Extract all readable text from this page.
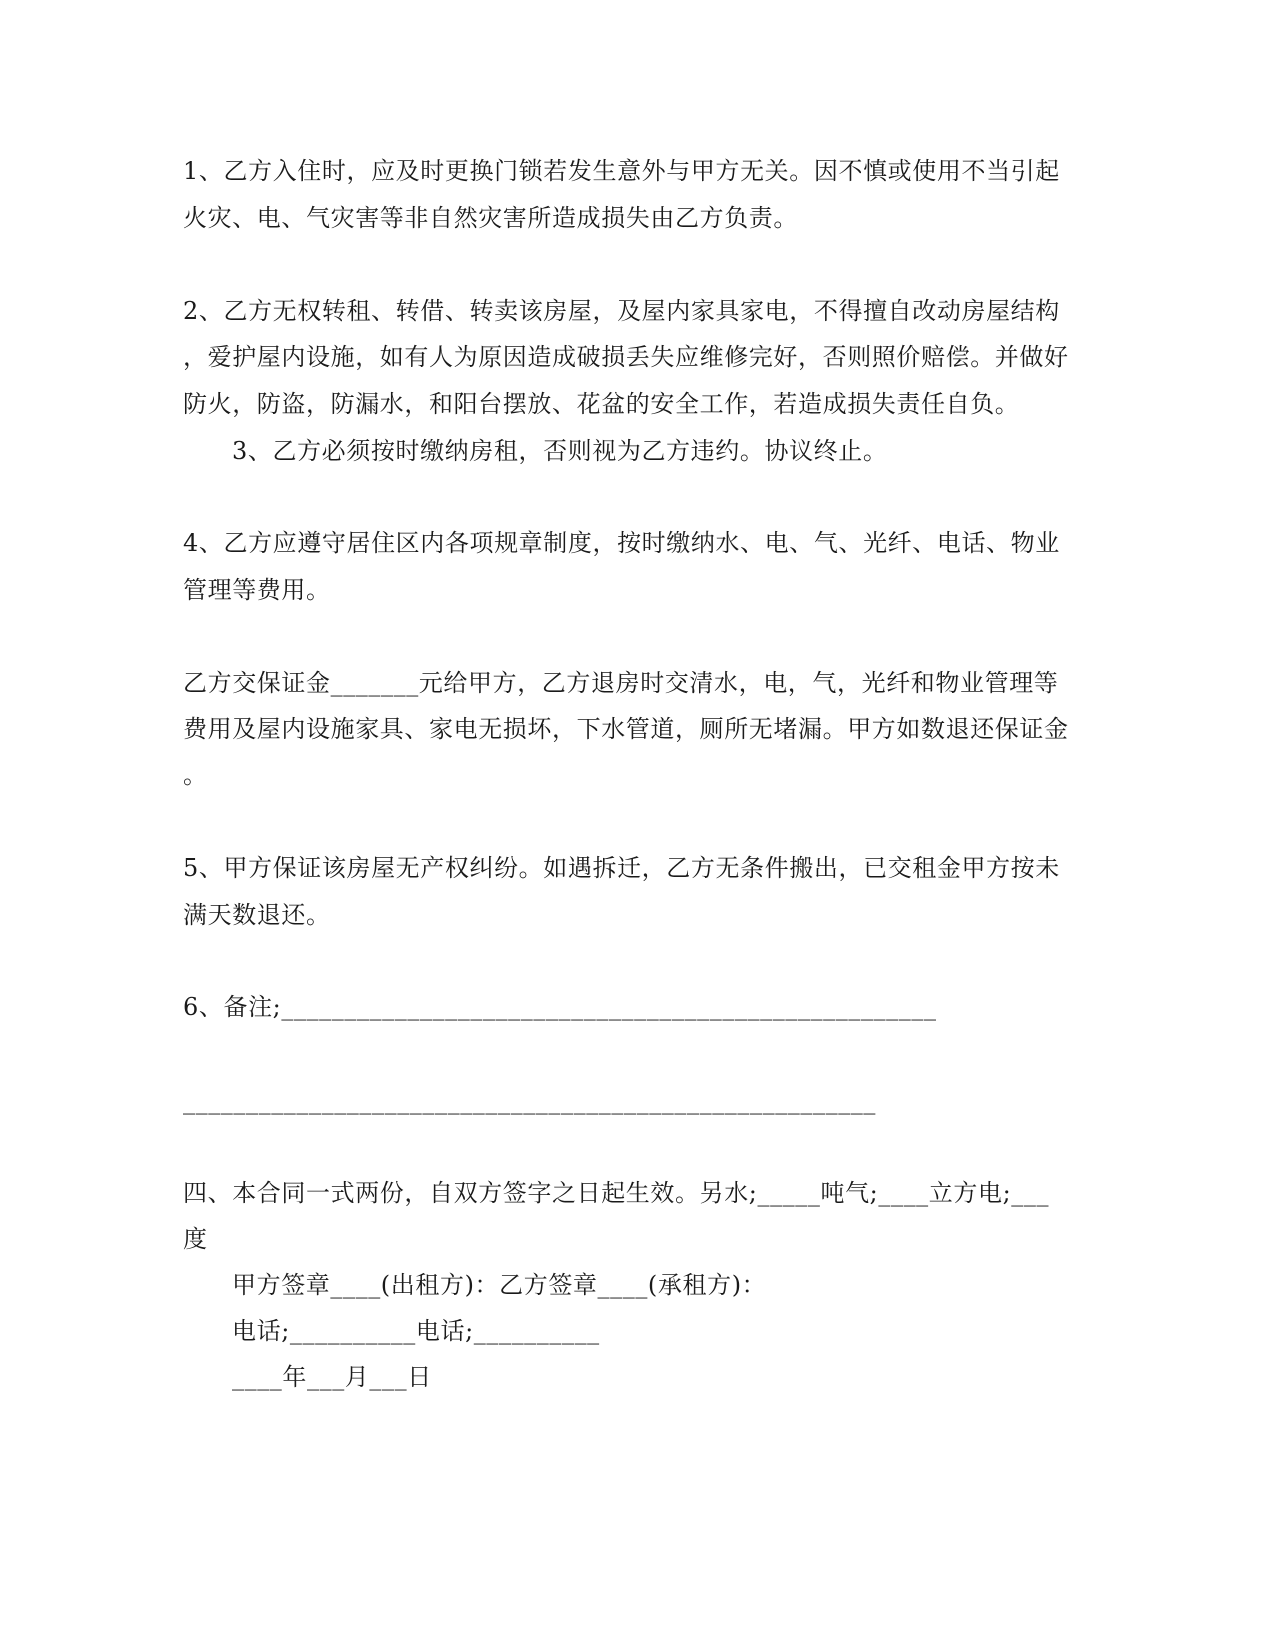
1、乙方入住时，应及时更换门锁若发生意外与甲方无关。因不慎或使用不当引起
火灾、电、气灾害等非自然灾害所造成损失由乙方负责。
2、乙方无权转租、转借、转卖该房屋，及屋内家具家电，不得擅自改动房屋结构
，爱护屋内设施，如有人为原因造成破损丢失应维修完好，否则照价赔偿。并做好
防火，防盗，防漏水，和阳台摆放、花盆的安全工作，若造成损失责任自负。
3、乙方必须按时缴纳房租，否则视为乙方违约。协议终止。
4、乙方应遵守居住区内各项规章制度，按时缴纳水、电、气、光纤、电话、物业
管理等费用。
乙方交保证金_______元给甲方，乙方退房时交清水，电，气，光纤和物业管理等
费用及屋内设施家具、家电无损坏，下水管道，厕所无堵漏。甲方如数退还保证金
。
5、甲方保证该房屋无产权纠纷。如遇拆迁，乙方无条件搬出，已交租金甲方按未
满天数退还。
6、备注;____________________________________________________
_______________________________________________________
四、本合同一式两份，自双方签字之日起生效。另水;_____吨气;____立方电;___
度
甲方签章____(出租方)：乙方签章____(承租方)：
电话;__________电话;__________
____年___月___日
